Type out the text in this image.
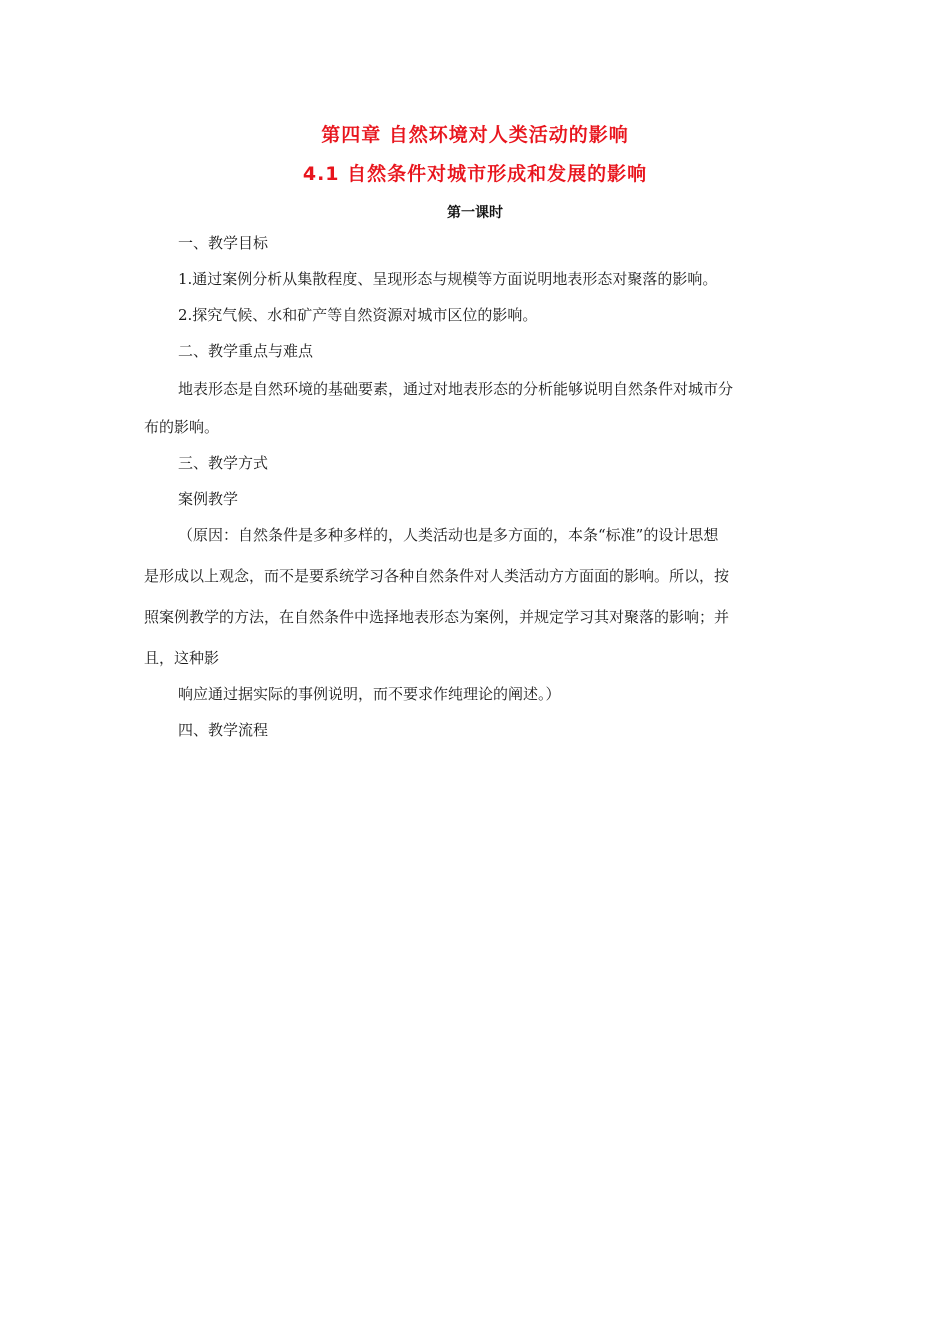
第四章 自然环境对人类活动的影响
4.1 自然条件对城市形成和发展的影响
第一课时
一、教学目标
1.通过案例分析从集散程度、呈现形态与规模等方面说明地表形态对聚落的影响。
2.探究气候、水和矿产等自然资源对城市区位的影响。
二、教学重点与难点
地表形态是自然环境的基础要素，通过对地表形态的分析能够说明自然条件对城市分
布的影响。
三、教学方式
案例教学
（原因：自然条件是多种多样的，人类活动也是多方面的，本条“标准”的设计思想
是形成以上观念，而不是要系统学习各种自然条件对人类活动方方面面的影响。所以，按
照案例教学的方法，在自然条件中选择地表形态为案例，并规定学习其对聚落的影响；并
且，这种影
响应通过据实际的事例说明，而不要求作纯理论的阐述。）
四、教学流程
